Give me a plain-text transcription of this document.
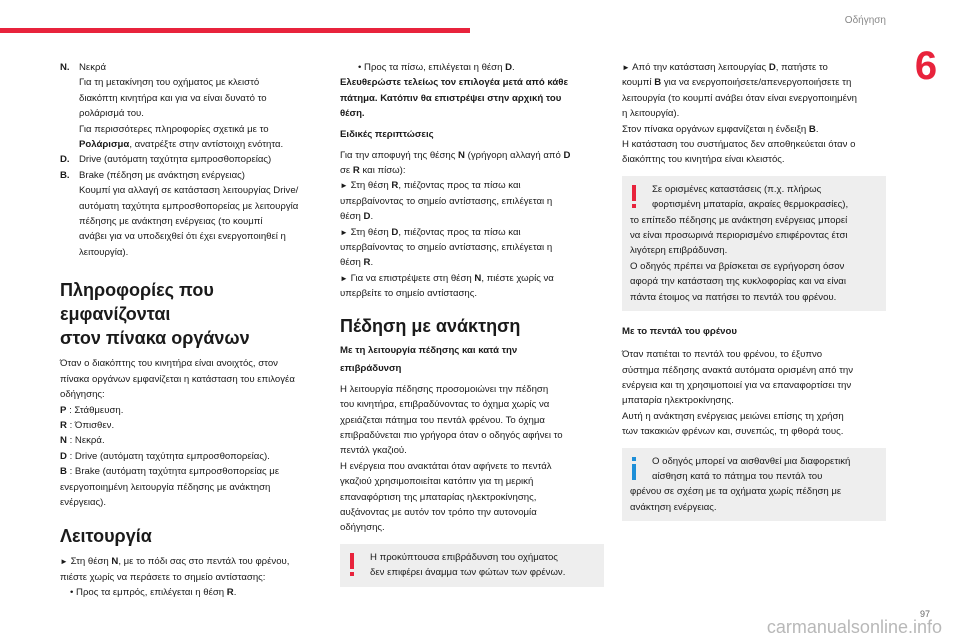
Οδήγηση
6
97
carmanualsonline.info
N. Νεκρά

Για τη μετακίνηση του οχήματος με κλειστό

διακόπτη κινητήρα και για να είναι δυνατό το

ρολάρισμά του.

Για περισσότερες πληροφορίες σχετικά με το

Ρολάρισμα, ανατρέξτε στην αντίστοιχη ενότητα.

D. Drive (αυτόματη ταχύτητα εμπροσθοπορείας)

B. Brake (πέδηση με ανάκτηση ενέργειας)

Κουμπί για αλλαγή σε κατάσταση λειτουργίας Drive/

αυτόματη ταχύτητα εμπροσθοπορείας με λειτουργία

πέδησης με ανάκτηση ενέργειας (το κουμπί

ανάβει για να υποδειχθεί ότι έχει ενεργοποιηθεί η

λειτουργία).

Πληροφορίες που εμφανίζονται
στον πίνακα οργάνων

Όταν ο διακόπτης του κινητήρα είναι ανοιχτός, στον

πίνακα οργάνων εμφανίζεται η κατάσταση του επιλογέα

οδήγησης:

P : Στάθμευση.

R : Όπισθεν.

N : Νεκρά.

D : Drive (αυτόματη ταχύτητα εμπροσθοπορείας).

B : Brake (αυτόματη ταχύτητα εμπροσθοπορείας με

ενεργοποιημένη λειτουργία πέδησης με ανάκτηση

ενέργειας).

Λειτουργία

► Στη θέση N, με το πόδι σας στο πεντάλ του φρένου,

πιέστε χωρίς να περάσετε το σημείο αντίστασης:

• Προς τα εμπρός, επιλέγεται η θέση R.

• Προς τα πίσω, επιλέγεται η θέση D.

Ελευθερώστε τελείως τον επιλογέα μετά από κάθε

πάτημα. Κατόπιν θα επιστρέψει στην αρχική του

θέση.

Ειδικές περιπτώσεις

Για την αποφυγή της θέσης N (γρήγορη αλλαγή από D

σε R και πίσω):

► Στη θέση R, πιέζοντας προς τα πίσω και

υπερβαίνοντας το σημείο αντίστασης, επιλέγεται η

θέση D.

► Στη θέση D, πιέζοντας προς τα πίσω και

υπερβαίνοντας το σημείο αντίστασης, επιλέγεται η

θέση R.

► Για να επιστρέψετε στη θέση N, πιέστε χωρίς να

υπερβείτε το σημείο αντίστασης.

Πέδηση με ανάκτηση
Με τη λειτουργία πέδησης και κατά την
επιβράδυνση

Η λειτουργία πέδησης προσομοιώνει την πέδηση

του κινητήρα, επιβραδύνοντας το όχημα χωρίς να

χρειάζεται πάτημα του πεντάλ φρένου. Το όχημα

επιβραδύνεται πιο γρήγορα όταν ο οδηγός αφήνει το

πεντάλ γκαζιού.

Η ενέργεια που ανακτάται όταν αφήνετε το πεντάλ

γκαζιού χρησιμοποιείται κατόπιν για τη μερική

επαναφόρτιση της μπαταρίας ηλεκτροκίνησης,

αυξάνοντας με αυτόν τον τρόπο την αυτονομία

οδήγησης.

Η προκύπτουσα επιβράδυνση του οχήματος

δεν επιφέρει άναμμα των φώτων των φρένων.

► Από την κατάσταση λειτουργίας D, πατήστε το

κουμπί B για να ενεργοποιήσετε/απενεργοποιήσετε τη

λειτουργία (το κουμπί ανάβει όταν είναι ενεργοποιημένη

η λειτουργία).

Στον πίνακα οργάνων εμφανίζεται η ένδειξη B.

Η κατάσταση του συστήματος δεν αποθηκεύεται όταν ο

διακόπτης του κινητήρα είναι κλειστός.

Σε ορισμένες καταστάσεις (π.χ. πλήρως

φορτισμένη μπαταρία, ακραίες θερμοκρασίες),

το επίπεδο πέδησης με ανάκτηση ενέργειας μπορεί

να είναι προσωρινά περιορισμένο επιφέροντας έτσι

λιγότερη επιβράδυνση.

Ο οδηγός πρέπει να βρίσκεται σε εγρήγορση όσον

αφορά την κατάσταση της κυκλοφορίας και να είναι

πάντα έτοιμος να πατήσει το πεντάλ του φρένου.

Με το πεντάλ του φρένου

Όταν πατιέται το πεντάλ του φρένου, το έξυπνο

σύστημα πέδησης ανακτά αυτόματα ορισμένη από την

ενέργεια και τη χρησιμοποιεί για να επαναφορτίσει την

μπαταρία ηλεκτροκίνησης.

Αυτή η ανάκτηση ενέργειας μειώνει επίσης τη χρήση

των τακακιών φρένων και, συνεπώς, τη φθορά τους.

Ο οδηγός μπορεί να αισθανθεί μια διαφορετική

αίσθηση κατά το πάτημα του πεντάλ του

φρένου σε σχέση με τα οχήματα χωρίς πέδηση με

ανάκτηση ενέργειας.
